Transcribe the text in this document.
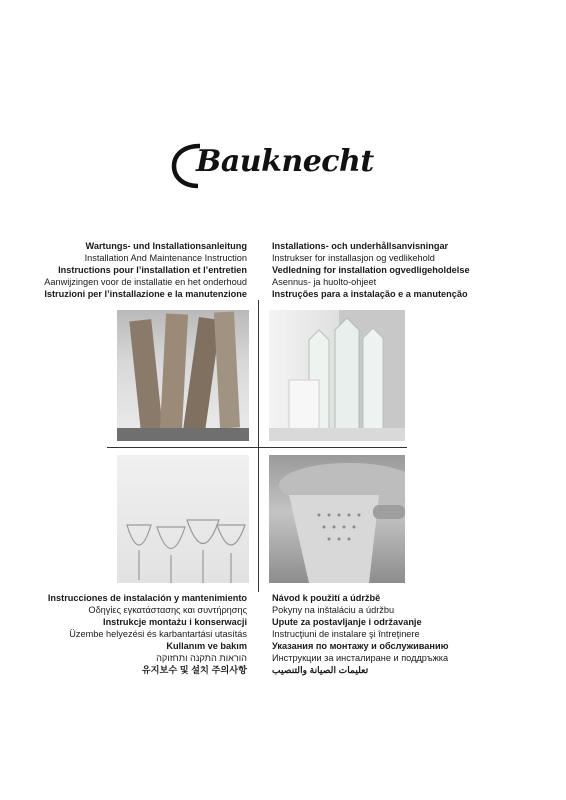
Bauknecht
Wartungs- und Installationsanleitung
Installation And Maintenance Instruction
Instructions pour l’installation et l’entretien
Aanwijzingen voor de installatie en het onderhoud
Istruzioni per l’installazione e la manutenzione
Installations- och underhållsanvisningar
Instrukser for installasjon og vedlikehold
Vedledning for installation ogvedligeholdelse
Asennus- ja huolto-ohjeet
Instruções para a instalação e a manutenção
Instrucciones de instalación y mantenimiento
Οδηγίες εγκατάστασης και συντήρησης
Instrukcje montażu i konserwacji
Üzembe helyezési és karbantartási utasítás
Kullanım ve bakım
הוראות התקנה ותחזוקה
유지보수 및 설치 주의사항
Návod k použití a údržbě
Pokyny na inštaláciu a údržbu
Upute za postavljanje i održavanje
Instrucţiuni de instalare şi întreţinere
Указания по монтажу и обслуживанию
Инструкции за инсталиране и поддръжка
تعليمات الصيانة والتنصيب
